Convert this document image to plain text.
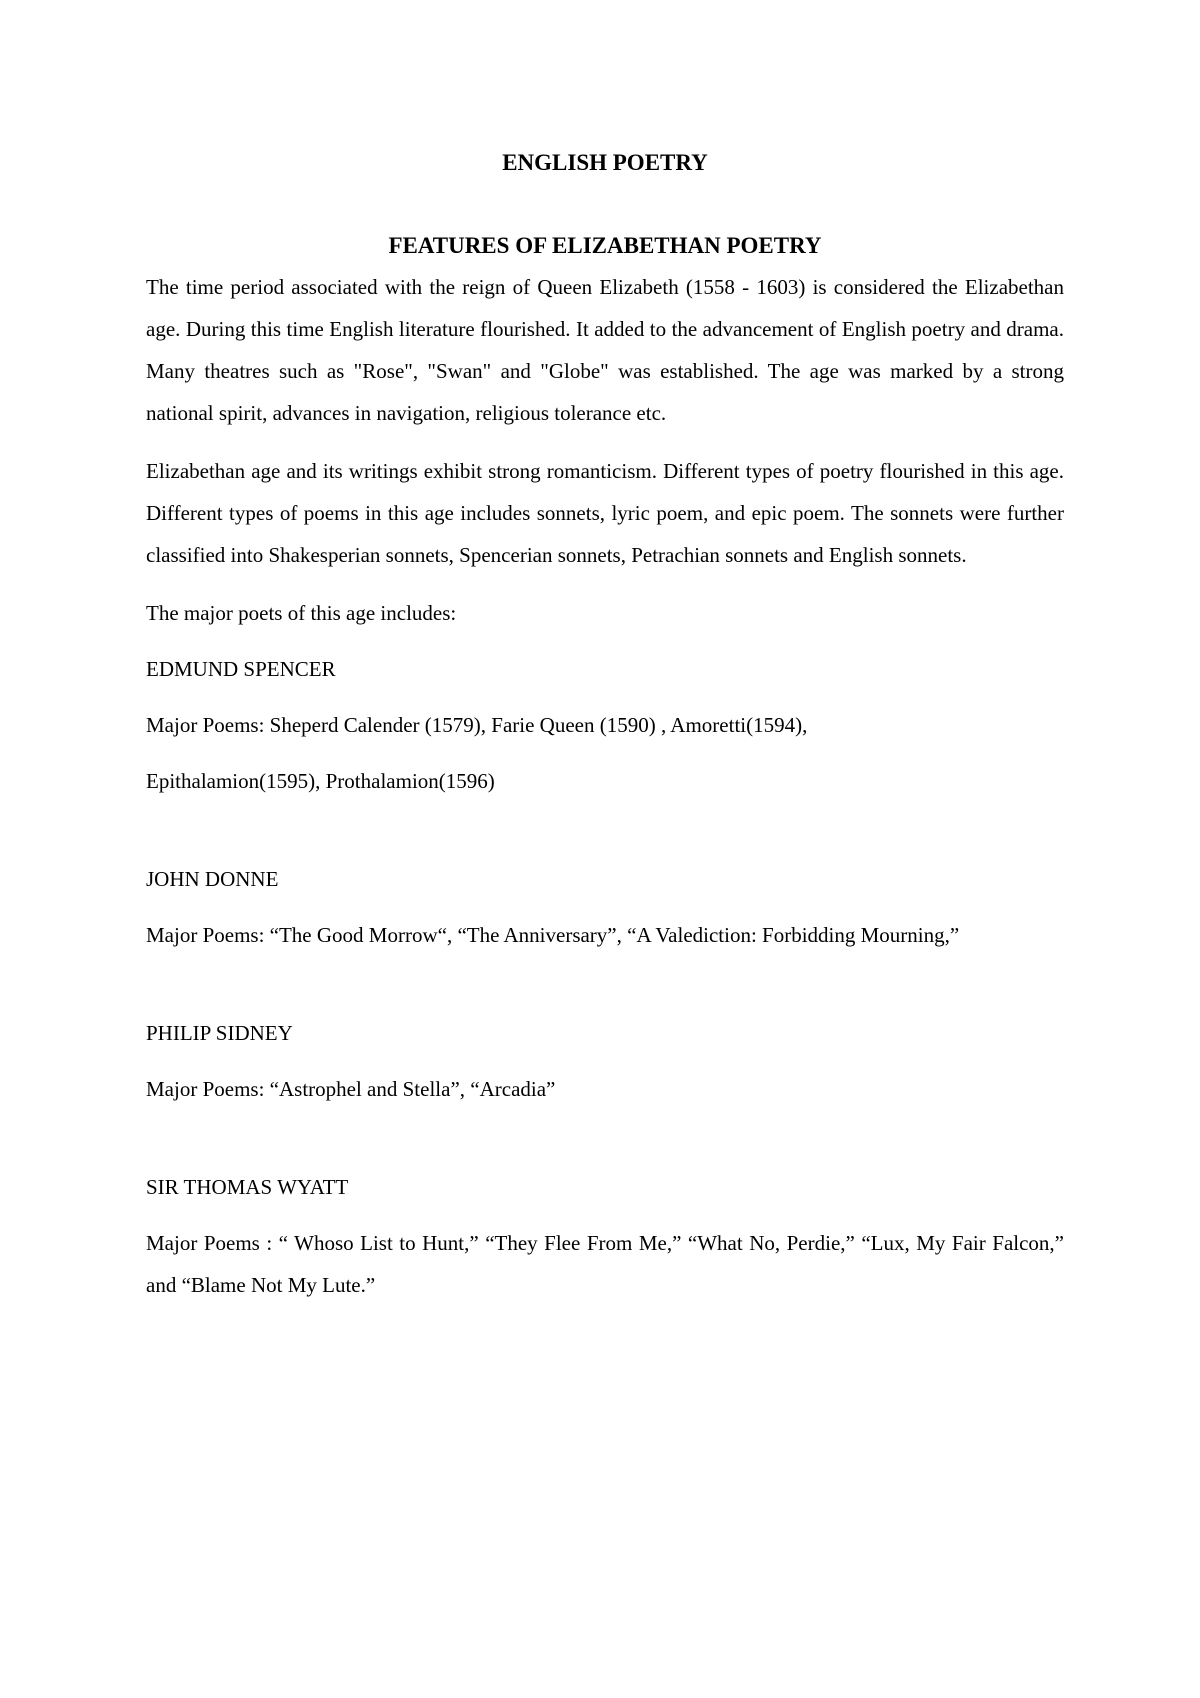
ENGLISH POETRY
FEATURES OF ELIZABETHAN POETRY

The time period associated with the reign of Queen Elizabeth (1558 - 1603) is considered the Elizabethan age. During this time English literature flourished. It added to the advancement of English poetry and drama. Many theatres such as "Rose", "Swan" and "Globe" was established. The age was marked by a strong national spirit, advances in navigation, religious tolerance etc.

Elizabethan age and its writings exhibit strong romanticism. Different types of poetry flourished in this age. Different types of poems in this age includes sonnets, lyric poem, and epic poem. The sonnets were further classified into Shakesperian sonnets, Spencerian sonnets, Petrachian sonnets and English sonnets.

The major poets of this age includes:

EDMUND SPENCER

Major Poems: Sheperd Calender (1579), Farie Queen (1590) , Amoretti(1594),

Epithalamion(1595), Prothalamion(1596)

JOHN DONNE

Major Poems: “The Good Morrow“, “The Anniversary”, “A Valediction: Forbidding Mourning,”

PHILIP SIDNEY

Major Poems: “Astrophel and Stella”, “Arcadia”

SIR THOMAS WYATT

Major Poems : “ Whoso List to Hunt,” “They Flee From Me,” “What No, Perdie,” “Lux, My Fair Falcon,” and “Blame Not My Lute.”
